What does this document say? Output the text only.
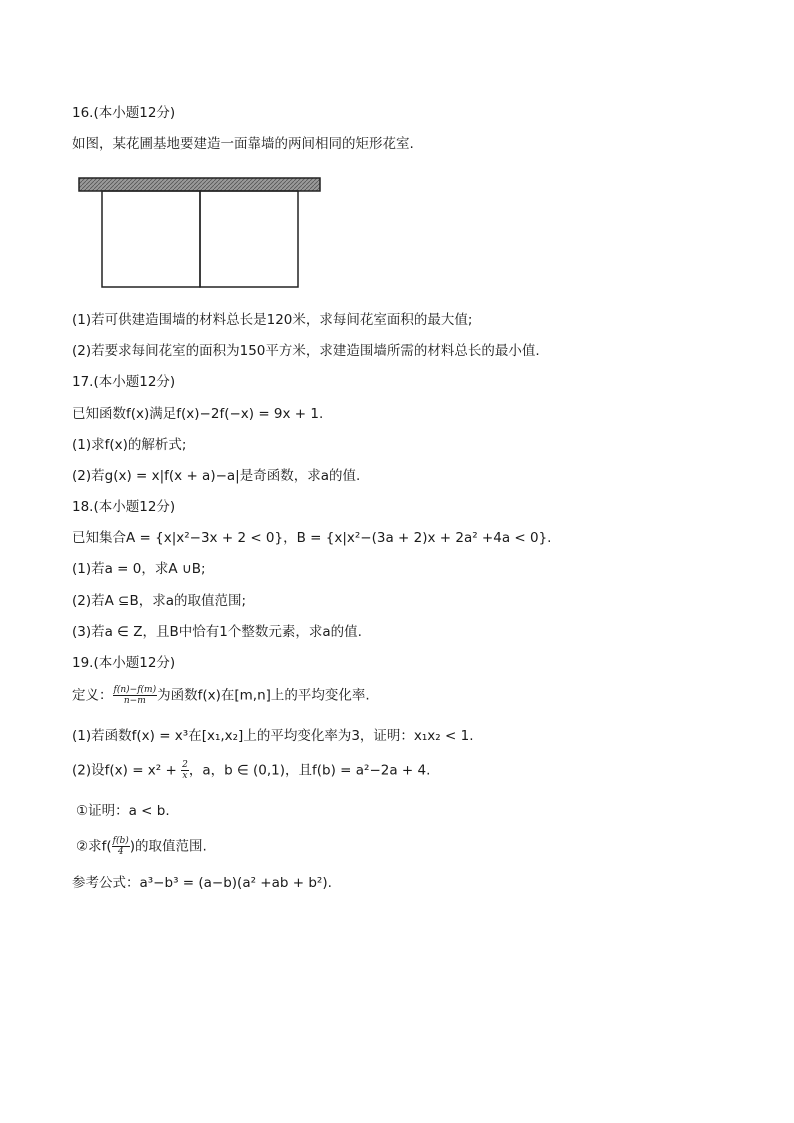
16.(本小题12分)
如图，某花圃基地要建造一面靠墙的两间相同的矩形花室.
(1)若可供建造围墙的材料总长是120米，求每间花室面积的最大值;
(2)若要求每间花室的面积为150平方米，求建造围墙所需的材料总长的最小值.
17.(本小题12分)
已知函数f(x)满足f(x)−2f(−x) = 9x + 1.
(1)求f(x)的解析式;
(2)若g(x) = x|f(x + a)−a|是奇函数，求a的值.
18.(本小题12分)
已知集合A = {x|x²−3x + 2 < 0}，B = {x|x²−(3a + 2)x + 2a² +4a < 0}.
(1)若a = 0，求A ∪B;
(2)若A ⊆B，求a的取值范围;
(3)若a ∈ Z，且B中恰有1个整数元素，求a的值.
19.(本小题12分)
定义： $\frac{f(n)-f(m)}{n-m}$ 为函数f(x)在[m,n]上的平均变化率.
(1)若函数f(x) = x³在[x₁,x₂]上的平均变化率为3，证明：x₁x₂ < 1.
(2)设$f(x) = x^2 + \frac{2}{x}$ ，a，b ∈ (0,1)，且f(b) = a²−2a + 4.
①证明：a < b.
②求$f( \frac{f(b)}{4}$ )的取值范围.
参考公式：a³−b³ = (a−b)(a² +ab + b²).
